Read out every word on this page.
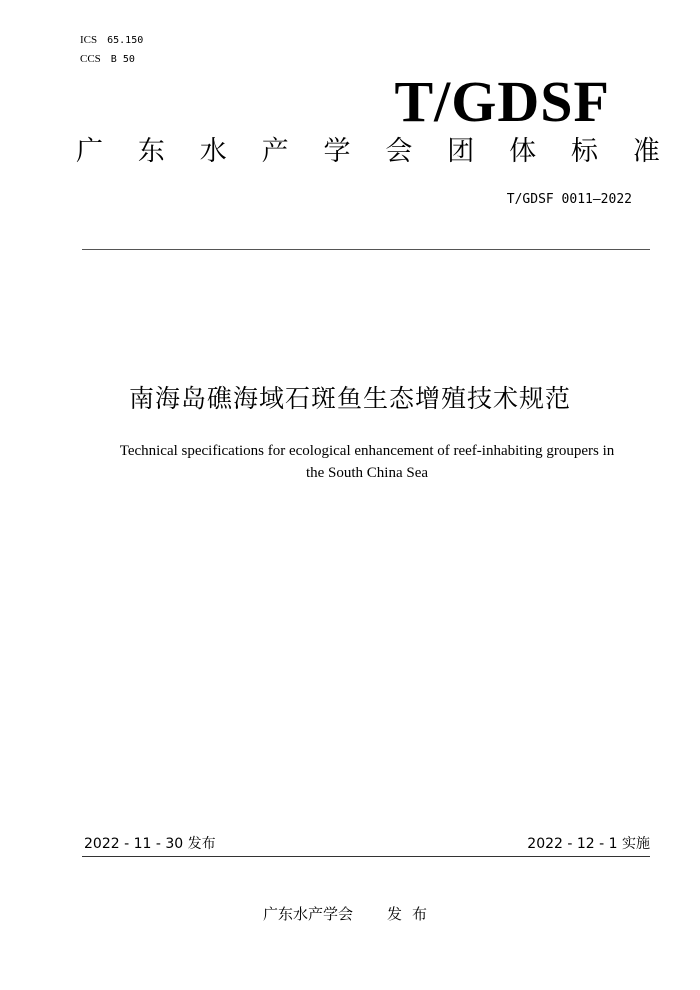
ICS 65.150
CCS B 50
T/GDSF
广 东 水 产 学 会 团 体 标 准
T/GDSF 0011—2022
南海岛礁海域石斑鱼生态增殖技术规范
Technical specifications for ecological enhancement of reef-inhabiting groupers in
the South China Sea
2022 - 11 - 30 发布	2022 - 12 - 1 实施
广东水产学会 发布
